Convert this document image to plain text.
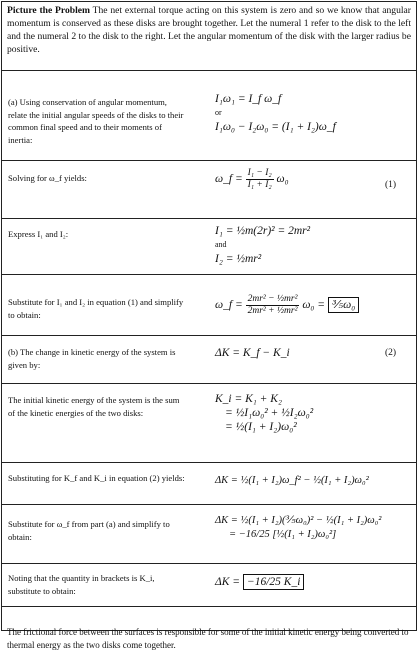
Picture the Problem The net external torque acting on this system is zero and so we know that angular momentum is conserved as these disks are brought together. Let the numeral 1 refer to the disk to the left and the numeral 2 to the disk to the right. Let the angular momentum of the disk with the larger radius be positive.
(a) Using conservation of angular momentum, relate the initial angular speeds of the disks to their common final speed and to their moments of inertia:
I₁ω₁ = I_f ω_f
or
I₁ω₀ − I₂ω₀ = (I₁ + I₂)ω_f
Solving for ω_f yields:	ω_f = $\frac{\text{I₁ − I₂}}{\text{I₁ + I₂}} \omega_0$	(1)
Express I₁ and I₂:	I₁ = ½m(2r)² = 2mr²
and
I₂ = ½mr²
Substitute for I₁ and I₂ in equation (1) and simplify to obtain:
ω_f = $\frac{\text{2mr² − ½mr²}}{\text{2mr² + ½mr²}} \omega_0$ = ⅗ω₀
(b) The change in kinetic energy of the system is given by:
ΔK = K_f − K_i	(2)
The initial kinetic energy of the system is the sum of the kinetic energies of the two disks:
K_i = K₁ + K₂
= ½I₁ω₀² + ½I₂ω₀²
= ½(I₁ + I₂)ω₀²
Substituting for K_f and K_i in equation (2) yields:	ΔK = ½(I₁ + I₂)ω_f² − ½(I₁ + I₂)ω₀²
Substitute for ω_f from part (a) and simplify to obtain:
ΔK = ½(I₁ + I₂)(⅗ω₀)² − ½(I₁ + I₂)ω₀²
= −16/25 [½(I₁ + I₂)ω₀²]
Noting that the quantity in brackets is K_i, substitute to obtain:
ΔK = −16/25 K_i
The frictional force between the surfaces is responsible for some of the initial kinetic energy being converted to thermal energy as the two disks come together.
